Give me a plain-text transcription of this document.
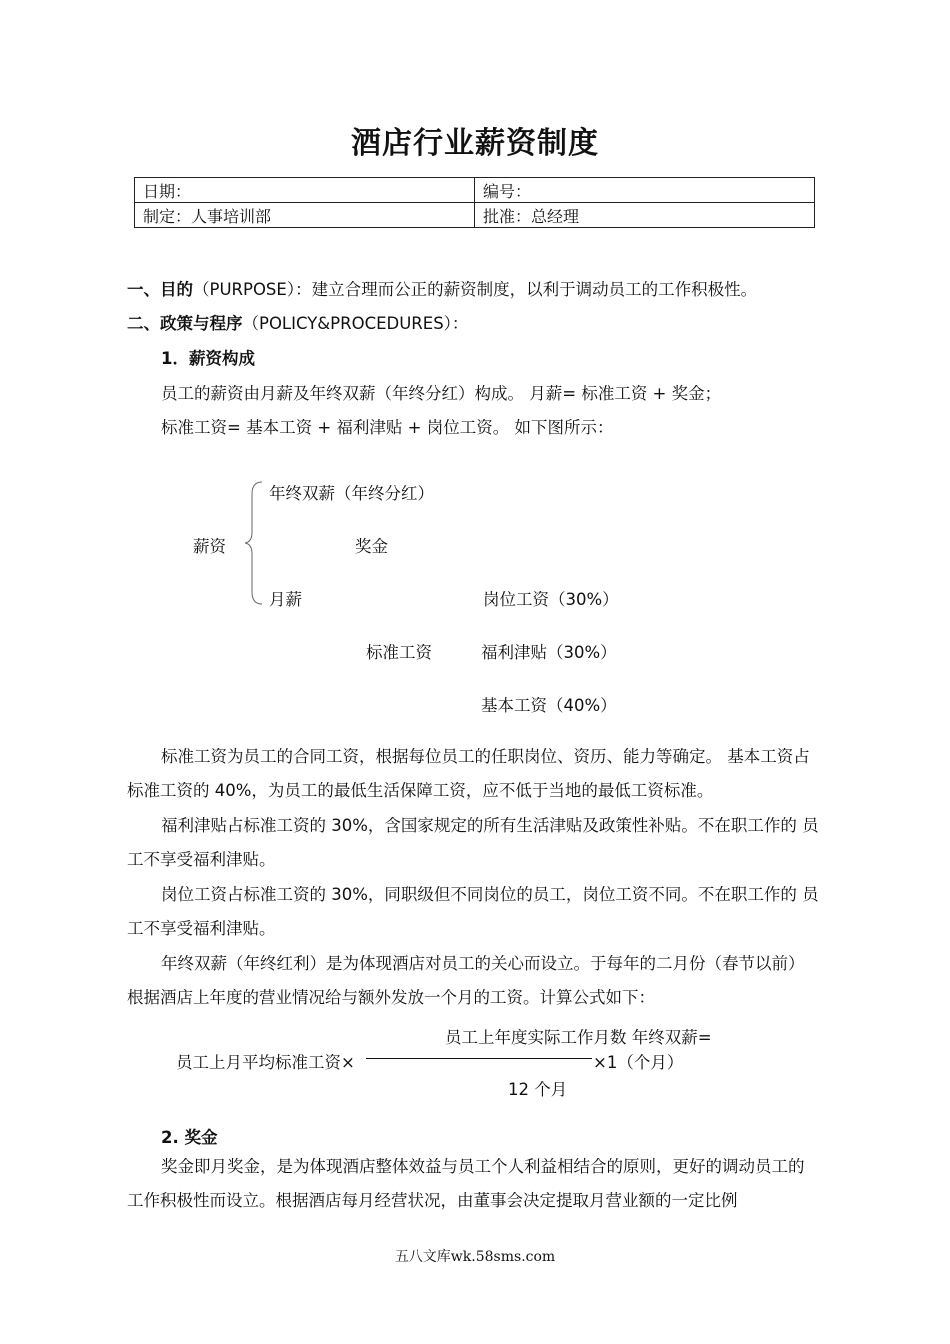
酒店行业薪资制度
日期：	编号：
制定：人事培训部	批准：总经理
一、目的（PURPOSE）：建立合理而公正的薪资制度，以利于调动员工的工作积极性。
二、政策与程序（POLICY&PROCEDURES）：
1．薪资构成
员工的薪资由月薪及年终双薪（年终分红）构成。 月薪= 标准工资 + 奖金；
标准工资= 基本工资 + 福利津贴 + 岗位工资。 如下图所示：
薪资
年终双薪（年终分红）
奖金
月薪
标准工资
岗位工资（30%）
福利津贴（30%）
基本工资（40%）
标准工资为员工的合同工资，根据每位员工的任职岗位、资历、能力等确定。 基本工资占标准工资的 40%，为员工的最低生活保障工资，应不低于当地的最低工资标准。
福利津贴占标准工资的 30%，含国家规定的所有生活津贴及政策性补贴。不在职工作的 员工不享受福利津贴。
岗位工资占标准工资的 30%，同职级但不同岗位的员工，岗位工资不同。不在职工作的 员工不享受福利津贴。
年终双薪（年终红利）是为体现酒店对员工的关心而设立。于每年的二月份（春节以前） 根据酒店上年度的营业情况给与额外发放一个月的工资。计算公式如下：
员工上年度实际工作月数 年终双薪=
员工上月平均标准工资×	×1（个月）
12 个月
2. 奖金
奖金即月奖金，是为体现酒店整体效益与员工个人利益相结合的原则，更好的调动员工的工作积极性而设立。根据酒店每月经营状况，由董事会决定提取月营业额的一定比例
五八文库wk.58sms.com
